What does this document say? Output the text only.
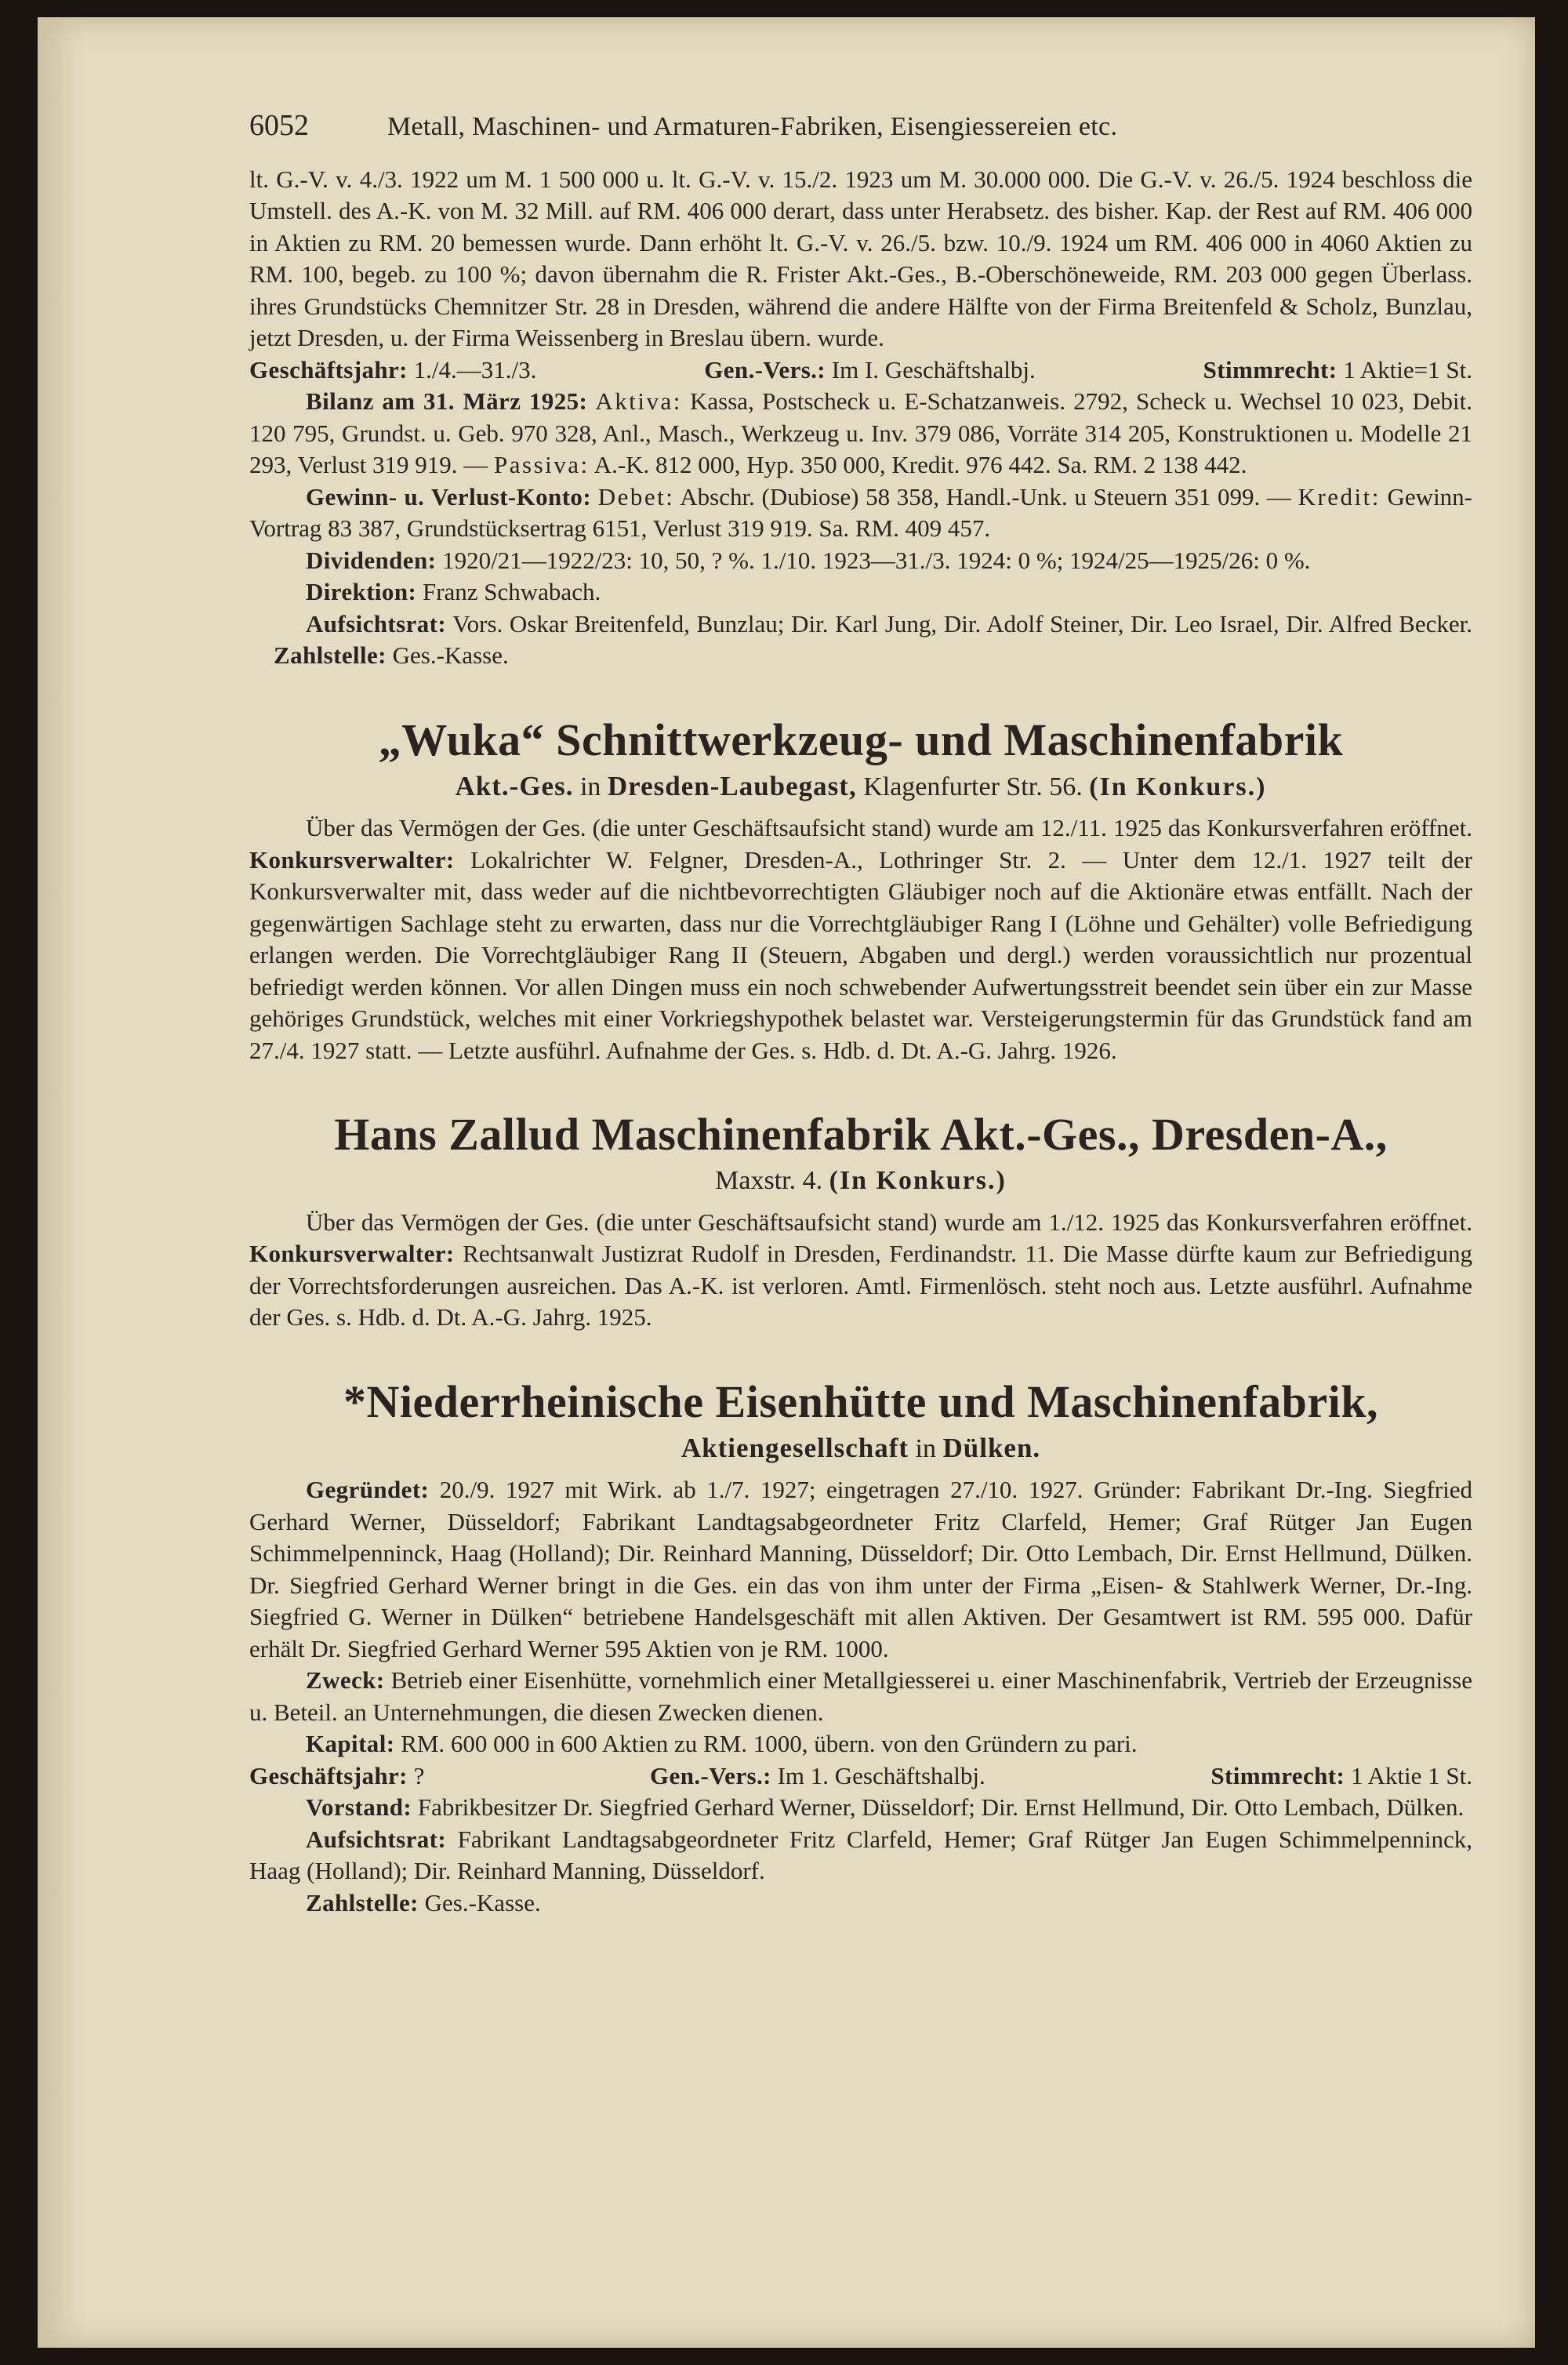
6052	Metall, Maschinen- und Armaturen-Fabriken, Eisengiessereien etc.

lt. G.-V. v. 4./3. 1922 um M. 1 500 000 u. lt. G.-V. v. 15./2. 1923 um M. 30.000 000. Die G.-V. v. 26./5. 1924 beschloss die Umstell. des A.-K. von M. 32 Mill. auf RM. 406 000 derart, dass unter Herabsetz. des bisher. Kap. der Rest auf RM. 406 000 in Aktien zu RM. 20 bemessen wurde. Dann erhöht lt. G.-V. v. 26./5. bzw. 10./9. 1924 um RM. 406 000 in 4060 Aktien zu RM. 100, begeb. zu 100 %; davon übernahm die R. Frister Akt.-Ges., B.-Oberschöneweide, RM. 203 000 gegen Überlass. ihres Grundstücks Chemnitzer Str. 28 in Dresden, während die andere Hälfte von der Firma Breitenfeld & Scholz, Bunzlau, jetzt Dresden, u. der Firma Weissenberg in Breslau übern. wurde.

Geschäftsjahr: 1./4.—31./3.	Gen.-Vers.: Im I. Geschäftshalbj.	Stimmrecht: 1 Aktie=1 St.

Bilanz am 31. März 1925: Aktiva: Kassa, Postscheck u. E-Schatzanweis. 2792, Scheck u. Wechsel 10 023, Debit. 120 795, Grundst. u. Geb. 970 328, Anl., Masch., Werkzeug u. Inv. 379 086, Vorräte 314 205, Konstruktionen u. Modelle 21 293, Verlust 319 919. — Passiva: A.-K. 812 000, Hyp. 350 000, Kredit. 976 442. Sa. RM. 2 138 442.

Gewinn- u. Verlust-Konto: Debet: Abschr. (Dubiose) 58 358, Handl.-Unk. u Steuern 351 099. — Kredit: Gewinn-Vortrag 83 387, Grundstücksertrag 6151, Verlust 319 919. Sa. RM. 409 457.

Dividenden: 1920/21—1922/23: 10, 50, ? %. 1./10. 1923—31./3. 1924: 0 %; 1924/25—1925/26: 0 %.

Direktion: Franz Schwabach.

Aufsichtsrat: Vors. Oskar Breitenfeld, Bunzlau; Dir. Karl Jung, Dir. Adolf Steiner, Dir. Leo Israel, Dir. Alfred Becker.     Zahlstelle: Ges.-Kasse.

„Wuka“ Schnittwerkzeug- und Maschinenfabrik
Akt.-Ges. in Dresden-Laubegast, Klagenfurter Str. 56. (In Konkurs.)

Über das Vermögen der Ges. (die unter Geschäftsaufsicht stand) wurde am 12./11. 1925 das Konkursverfahren eröffnet. Konkursverwalter: Lokalrichter W. Felgner, Dresden-A., Lothringer Str. 2. — Unter dem 12./1. 1927 teilt der Konkursverwalter mit, dass weder auf die nichtbevorrechtigten Gläubiger noch auf die Aktionäre etwas entfällt. Nach der gegenwärtigen Sachlage steht zu erwarten, dass nur die Vorrechtgläubiger Rang I (Löhne und Gehälter) volle Befriedigung erlangen werden. Die Vorrechtgläubiger Rang II (Steuern, Abgaben und dergl.) werden voraussichtlich nur prozentual befriedigt werden können. Vor allen Dingen muss ein noch schwebender Aufwertungsstreit beendet sein über ein zur Masse gehöriges Grundstück, welches mit einer Vorkriegshypothek belastet war. Versteigerungstermin für das Grundstück fand am 27./4. 1927 statt. — Letzte ausführl. Aufnahme der Ges. s. Hdb. d. Dt. A.-G. Jahrg. 1926.

Hans Zallud Maschinenfabrik Akt.-Ges., Dresden-A.,
Maxstr. 4. (In Konkurs.)

Über das Vermögen der Ges. (die unter Geschäftsaufsicht stand) wurde am 1./12. 1925 das Konkursverfahren eröffnet. Konkursverwalter: Rechtsanwalt Justizrat Rudolf in Dresden, Ferdinandstr. 11. Die Masse dürfte kaum zur Befriedigung der Vorrechtsforderungen ausreichen. Das A.-K. ist verloren. Amtl. Firmenlösch. steht noch aus. Letzte ausführl. Aufnahme der Ges. s. Hdb. d. Dt. A.-G. Jahrg. 1925.

*Niederrheinische Eisenhütte und Maschinenfabrik,
Aktiengesellschaft in Dülken.

Gegründet: 20./9. 1927 mit Wirk. ab 1./7. 1927; eingetragen 27./10. 1927. Gründer: Fabrikant Dr.-Ing. Siegfried Gerhard Werner, Düsseldorf; Fabrikant Landtagsabgeordneter Fritz Clarfeld, Hemer; Graf Rütger Jan Eugen Schimmelpenninck, Haag (Holland); Dir. Reinhard Manning, Düsseldorf; Dir. Otto Lembach, Dir. Ernst Hellmund, Dülken. Dr. Siegfried Gerhard Werner bringt in die Ges. ein das von ihm unter der Firma „Eisen- & Stahlwerk Werner, Dr.-Ing. Siegfried G. Werner in Dülken“ betriebene Handelsgeschäft mit allen Aktiven. Der Gesamtwert ist RM. 595 000. Dafür erhält Dr. Siegfried Gerhard Werner 595 Aktien von je RM. 1000.

Zweck: Betrieb einer Eisenhütte, vornehmlich einer Metallgiesserei u. einer Maschinenfabrik, Vertrieb der Erzeugnisse u. Beteil. an Unternehmungen, die diesen Zwecken dienen.

Kapital: RM. 600 000 in 600 Aktien zu RM. 1000, übern. von den Gründern zu pari.

Geschäftsjahr: ?	Gen.-Vers.: Im 1. Geschäftshalbj.	Stimmrecht: 1 Aktie 1 St.

Vorstand: Fabrikbesitzer Dr. Siegfried Gerhard Werner, Düsseldorf; Dir. Ernst Hellmund, Dir. Otto Lembach, Dülken.

Aufsichtsrat: Fabrikant Landtagsabgeordneter Fritz Clarfeld, Hemer; Graf Rütger Jan Eugen Schimmelpenninck, Haag (Holland); Dir. Reinhard Manning, Düsseldorf.

Zahlstelle: Ges.-Kasse.
